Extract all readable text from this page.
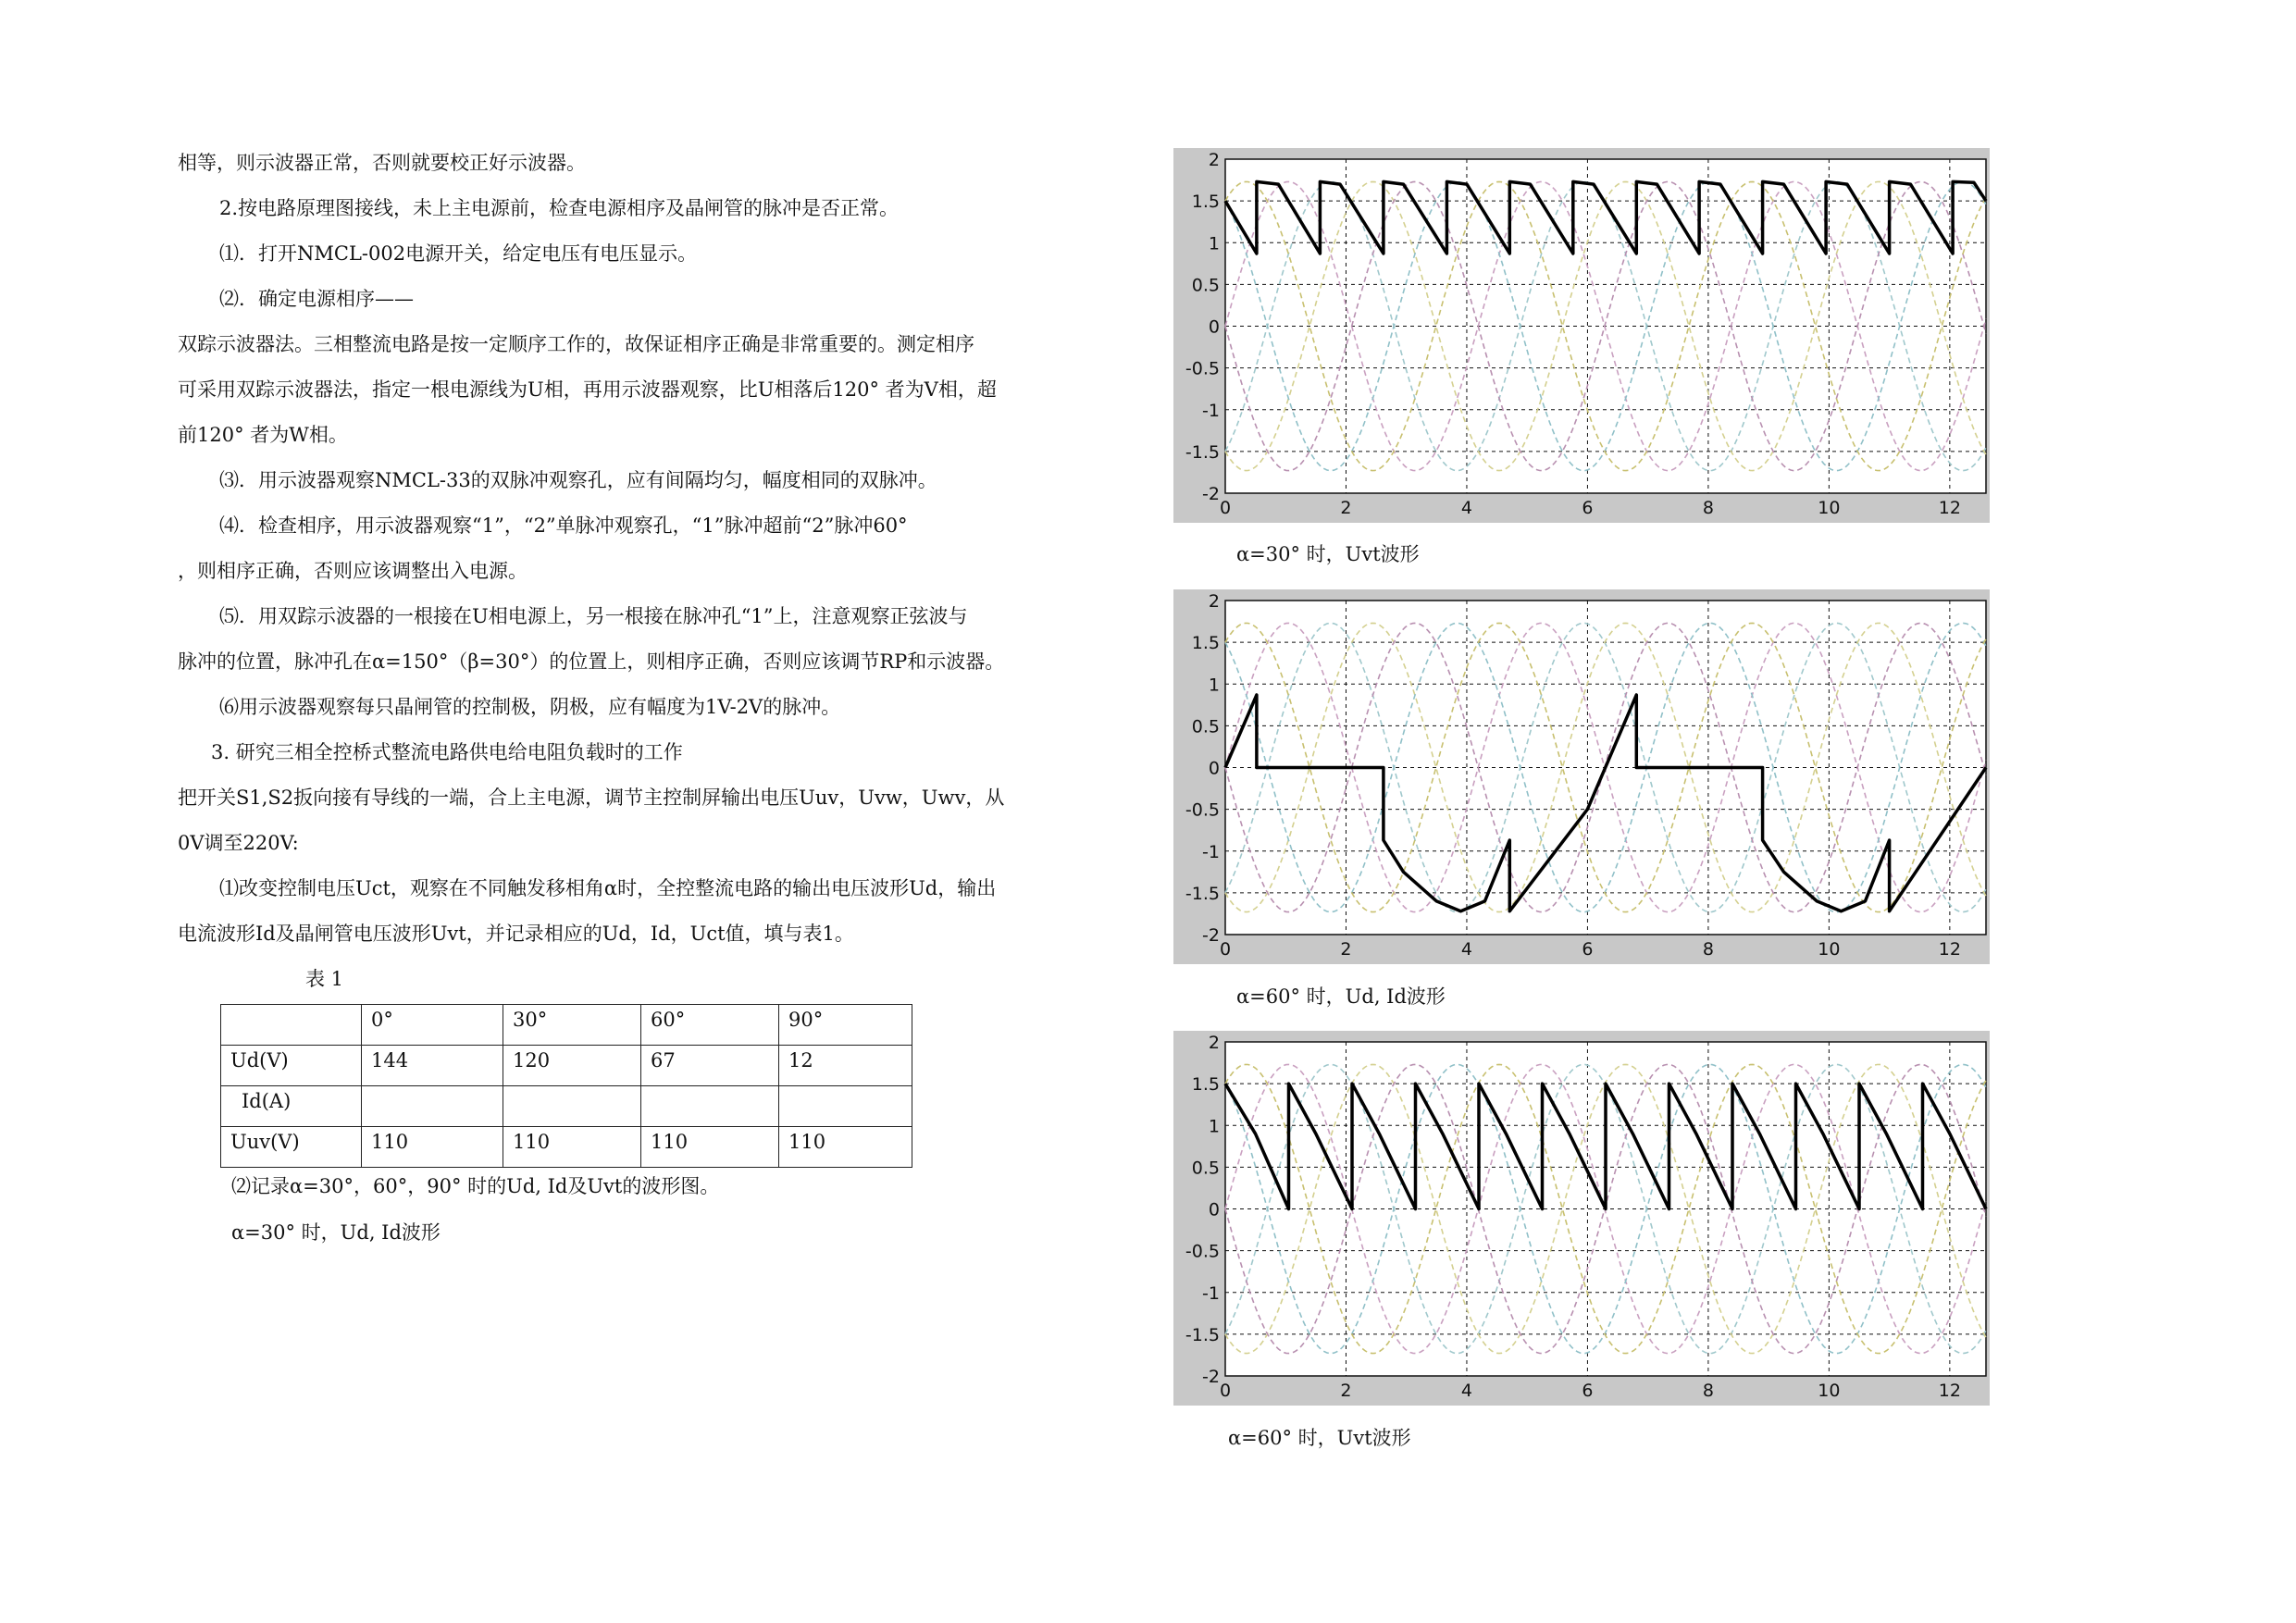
相等，则示波器正常，否则就要校正好示波器。
2.按电路原理图接线，未上主电源前，检查电源相序及晶闸管的脉冲是否正常。
⑴．打开NMCL-002电源开关，给定电压有电压显示。
⑵．确定电源相序——
双踪示波器法。三相整流电路是按一定顺序工作的，故保证相序正确是非常重要的。测定相序
可采用双踪示波器法，指定一根电源线为U相，再用示波器观察，比U相落后120° 者为V相，超
前120° 者为W相。
⑶．用示波器观察NMCL-33的双脉冲观察孔，应有间隔均匀，幅度相同的双脉冲。
⑷．检查相序，用示波器观察“1”，“2”单脉冲观察孔，“1”脉冲超前“2”脉冲60°
，则相序正确，否则应该调整出入电源。
⑸．用双踪示波器的一根接在U相电源上，另一根接在脉冲孔“1”上，注意观察正弦波与
脉冲的位置，脉冲孔在α=150°（β=30°）的位置上，则相序正确，否则应该调节RP和示波器。
⑹用示波器观察每只晶闸管的控制极，阴极，应有幅度为1V-2V的脉冲。
3. 研究三相全控桥式整流电路供电给电阻负载时的工作
把开关S1,S2扳向接有导线的一端，合上主电源，调节主控制屏输出电压Uuv，Uvw，Uwv，从
0V调至220V:
⑴改变控制电压Uct，观察在不同触发移相角α时，全控整流电路的输出电压波形Ud，输出
电流波形Id及晶闸管电压波形Uvt，并记录相应的Ud，Id，Uct值，填与表1。
表 1
	0°	30°	60°	90°
Ud(V)	144	120	67	12
Id(A)				
Uuv(V)	110	110	110	110
⑵记录α=30°，60°，90° 时的Ud, Id及Uvt的波形图。
α=30° 时，Ud, Id波形
0	2	4	6	8	10	12
2
1.5
1
0.5
0
-0.5
-1
-1.5
-2
α=30° 时，Uvt波形
0	2	4	6	8	10	12
2
1.5
1
0.5
0
-0.5
-1
-1.5
-2
α=60° 时，Ud, Id波形
0	2	4	6	8	10	12
2
1.5
1
0.5
0
-0.5
-1
-1.5
-2
α=60° 时，Uvt波形
